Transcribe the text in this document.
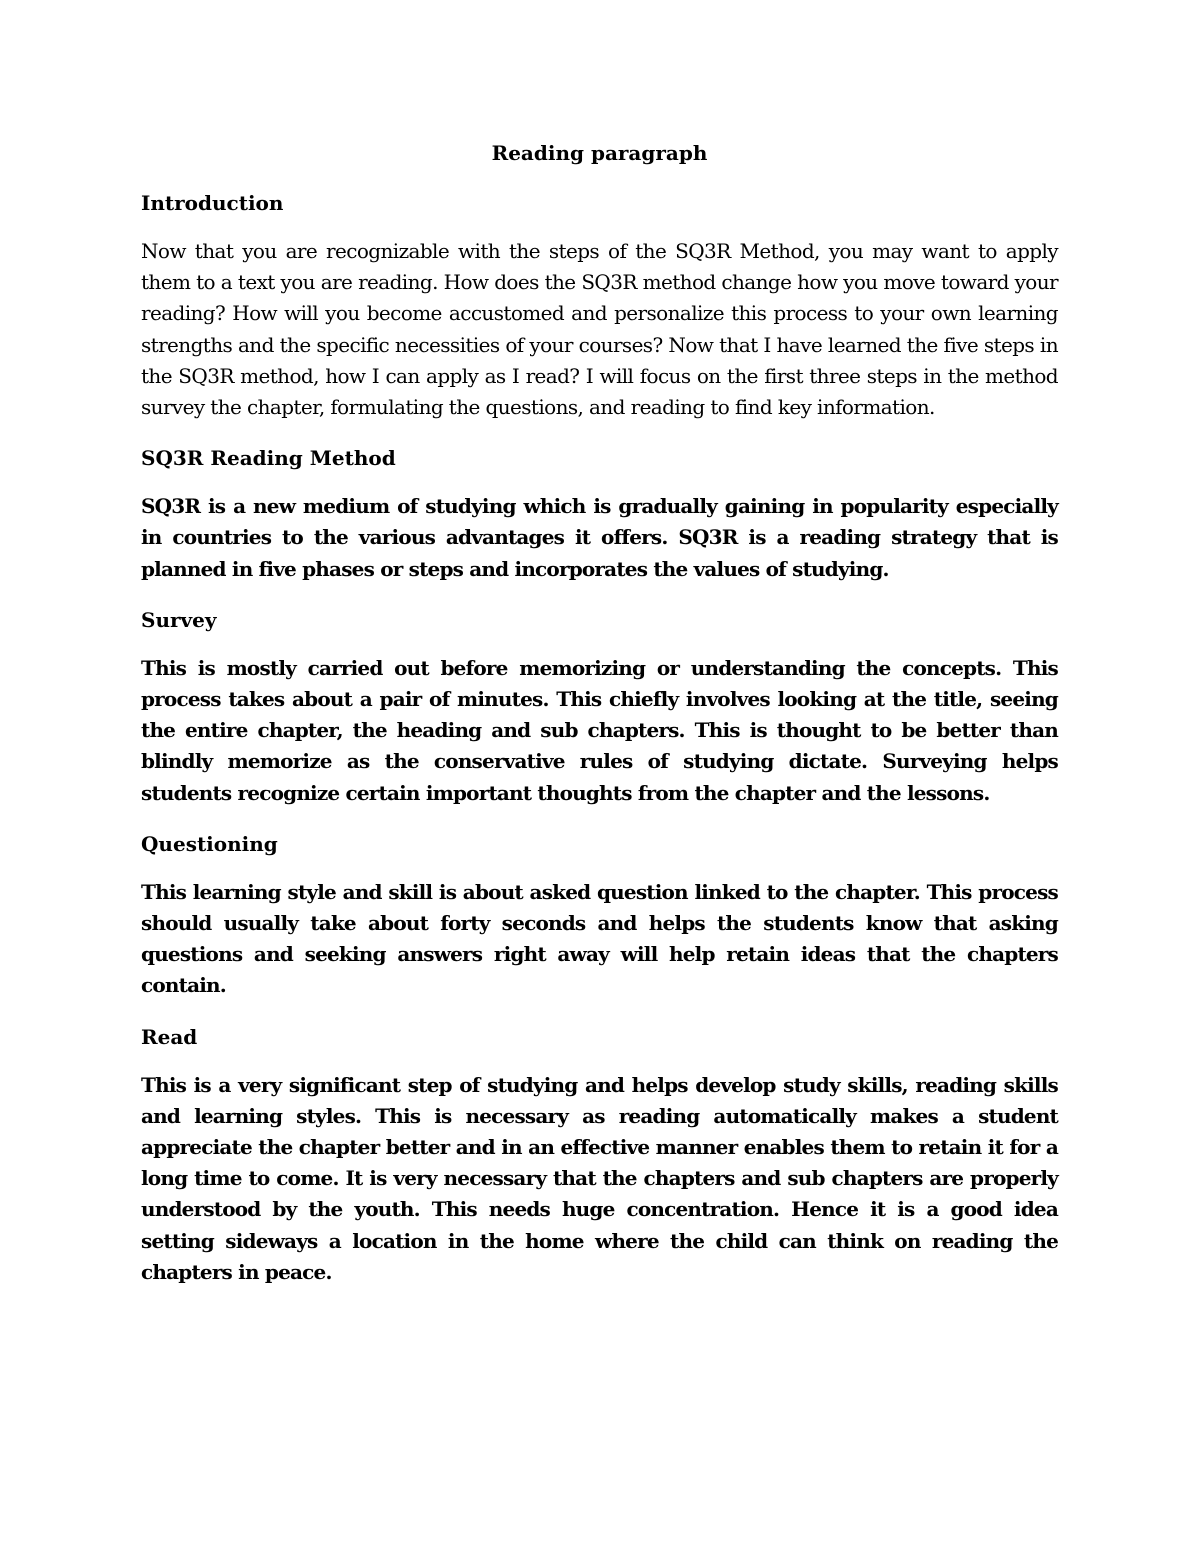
Reading paragraph
Introduction
Now that you are recognizable with the steps of the SQ3R Method, you may want to apply them to a text you are reading. How does the SQ3R method change how you move toward your reading? How will you become accustomed and personalize this process to your own learning strengths and the specific necessities of your courses? Now that I have learned the five steps in the SQ3R method, how I can apply as I read? I will focus on the first three steps in the method survey the chapter, formulating the questions, and reading to find key information.
SQ3R Reading Method
SQ3R is a new medium of studying which is gradually gaining in popularity especially in countries to the various advantages it offers. SQ3R is a reading strategy that is planned in five phases or steps and incorporates the values of studying.
Survey
This is mostly carried out before memorizing or understanding the concepts. This process takes about a pair of minutes. This chiefly involves looking at the title, seeing the entire chapter, the heading and sub chapters. This is thought to be better than blindly memorize as the conservative rules of studying dictate. Surveying helps students recognize certain important thoughts from the chapter and the lessons.
Questioning
This learning style and skill is about asked question linked to the chapter. This process should usually take about forty seconds and helps the students know that asking questions and seeking answers right away will help retain ideas that the chapters contain.
Read
This is a very significant step of studying and helps develop study skills, reading skills and learning styles. This is necessary as reading automatically makes a student appreciate the chapter better and in an effective manner enables them to retain it for a long time to come. It is very necessary that the chapters and sub chapters are properly understood by the youth. This needs huge concentration. Hence it is a good idea setting sideways a location in the home where the child can think on reading the chapters in peace.
